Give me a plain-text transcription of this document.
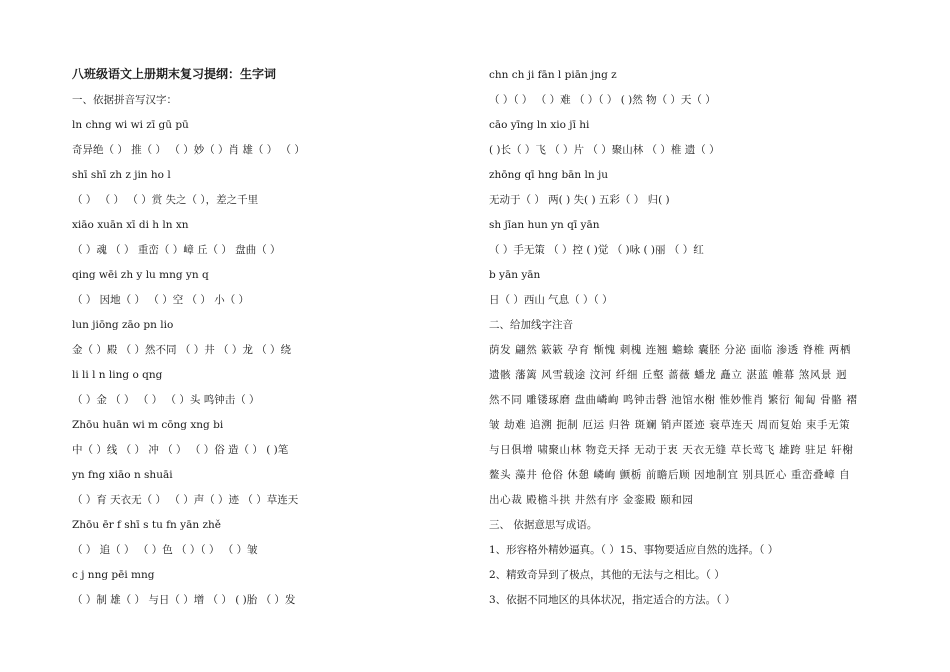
八班级语文上册期末复习提纲：生字词
一、依据拼音写汉字：
ln chng wi wi zī gū pū
奇异绝（ ） 推（ ） （ ）妙（ ）肖 雄（ ） （ ）
shī shī zh z jin ho l
（ ） （ ） （ ）赏 失之（ ），差之千里
xiāo xuān xī di h ln xn
（ ）魂 （ ） 重峦（ ）嶂 丘（ ） 盘曲（ ）
qing wēi zh y lu mng yn q
（ ） 因地（ ） （ ）空 （ ） 小（ ）
lun jiōng zāo pn lio
金（ ）殿 （ ）然不同 （ ）井 （ ）龙 （ ）绕
li li l n ling o qng
（ ）金 （ ） （ ） （ ）头 鸣钟击（ ）
Zhōu huān wi m cōng xng bi
中（ ）线 （ ） 冲 （ ） （ ）俗 造（ ） ( )笔
yn fng xiāo n shuāi
（ ）育 天衣无（ ） （ ）声（ ）迹 （ ）草连天
Zhōu ēr f shī s tu fn yān zhě
（ ） 追（ ） （ ）色 （ ）（ ） （ ）皱
c j nng pēi mng
（ ）制 雄（ ） 与日（ ）增 （ ） ( )胎 （ ）发
chn ch ji fān l piān jng z
（ ）（ ） （ ）难 （ ）（ ） ( )然 物（ ）天（ ）
cāo yīng ln xio jī hi
( )长（ ）飞 （ ）片 （ ）聚山林 （ ）椎 遗（ ）
zhōng qī hng bān ln ju
无动于（ ） 两( ) 失( ) 五彩（ ） 归( )
sh jīan hun yn qī yān
（ ）手无策 （ ）控 ( )觉 （ )咏 ( )丽 （ ）红
b yān yān
日（ ）西山 气息（ ）（ ）
二、给加线字注音
荫发 翩然 簌簌 孕育 惭愧 刺槐 连翘 蟾蜍 囊胚 分泌 面临 渗透 脊椎 两栖
遗骸 藩篱 风雪载途 汶河 纤细 丘壑 蔷薇 蟠龙 矗立 湛蓝 帷幕 煞风景 迥
然不同 雕镂琢磨 盘曲嶙峋 鸣钟击磬 池馆水榭 惟妙惟肖 繁衍 匍匐 骨骼 褶
皱 劫难 追溯 扼制 厄运 归咎 斑斓 销声匿迹 衰草连天 周而复始 束手无策
与日俱增 啸聚山林 物竞天择 无动于衷 天衣无缝 草长莺飞 雄跨 驻足 轩榭
鳌头 藻井 伧俗 休憩 嶙峋 颤栃 前瞻后顾 因地制宜 别具匠心 重峦叠嶂 自
出心裁 殿檐斗拱 井然有序 金銮殿 颐和园
三、 依据意思写成语。
1、形容格外精妙逼真。（ ）15、事物要适应自然的选择。（ ）
2、精致奇异到了极点，其他的无法与之相比。（ ）
3、依据不同地区的具体状况，指定适合的方法。（ ）
